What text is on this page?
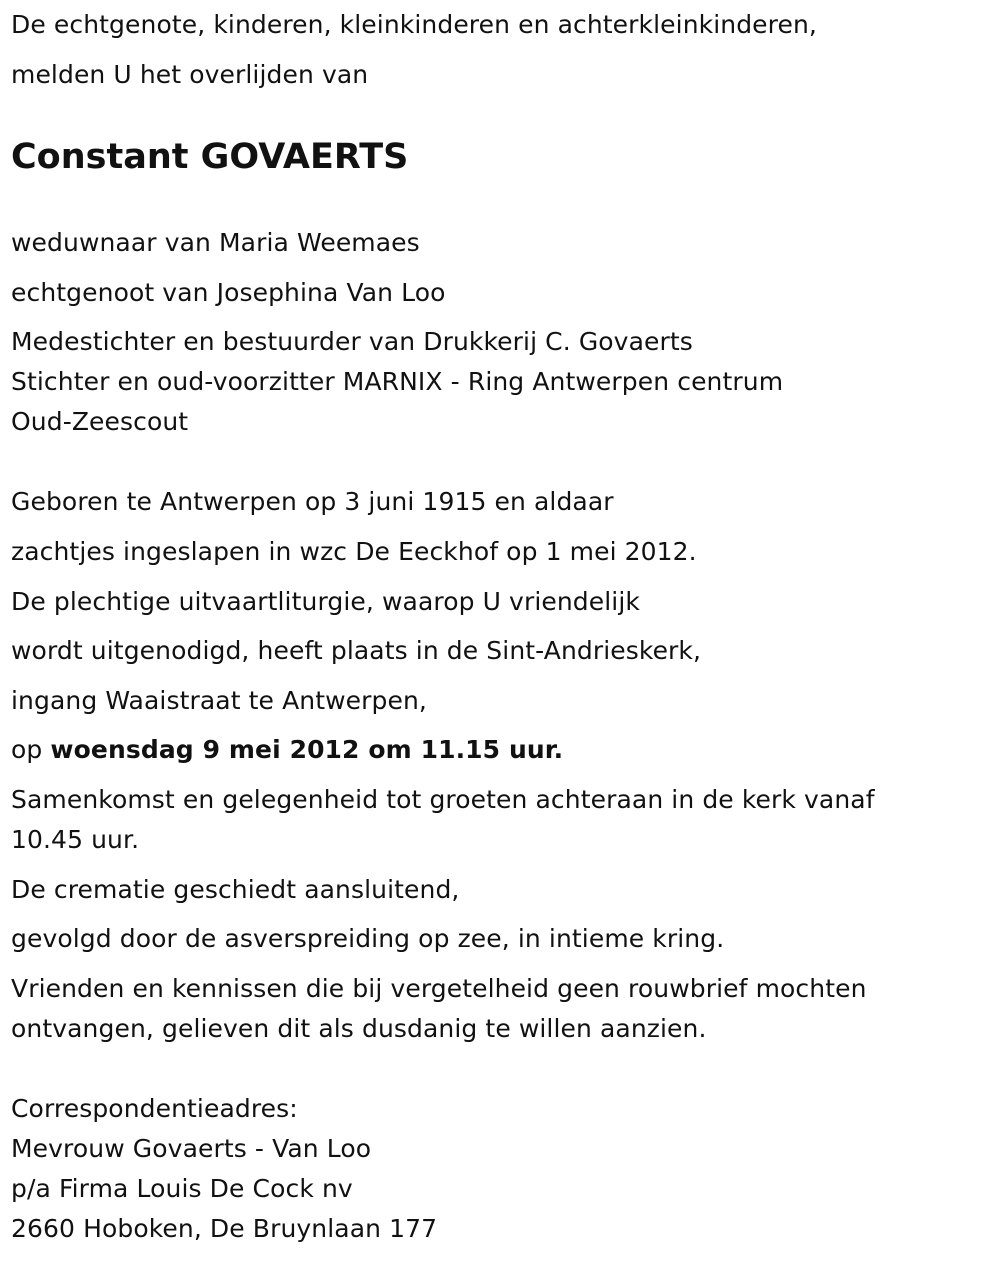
De echtgenote, kinderen, kleinkinderen en achterkleinkinderen,
melden U het overlijden van
Constant GOVAERTS
weduwnaar van Maria Weemaes
echtgenoot van Josephina Van Loo
Medestichter en bestuurder van Drukkerij C. Govaerts
Stichter en oud-voorzitter MARNIX - Ring Antwerpen centrum
Oud-Zeescout
Geboren te Antwerpen op 3 juni 1915 en aldaar
zachtjes ingeslapen in wzc De Eeckhof op 1 mei 2012.
De plechtige uitvaartliturgie, waarop U vriendelijk
wordt uitgenodigd, heeft plaats in de Sint-Andrieskerk,
ingang Waaistraat te Antwerpen,
op woensdag 9 mei 2012 om 11.15 uur.
Samenkomst en gelegenheid tot groeten achteraan in de kerk vanaf
10.45 uur.
De crematie geschiedt aansluitend,
gevolgd door de asverspreiding op zee, in intieme kring.
Vrienden en kennissen die bij vergetelheid geen rouwbrief mochten
ontvangen, gelieven dit als dusdanig te willen aanzien.
Correspondentieadres:
Mevrouw Govaerts - Van Loo
p/a Firma Louis De Cock nv
2660 Hoboken, De Bruynlaan 177
